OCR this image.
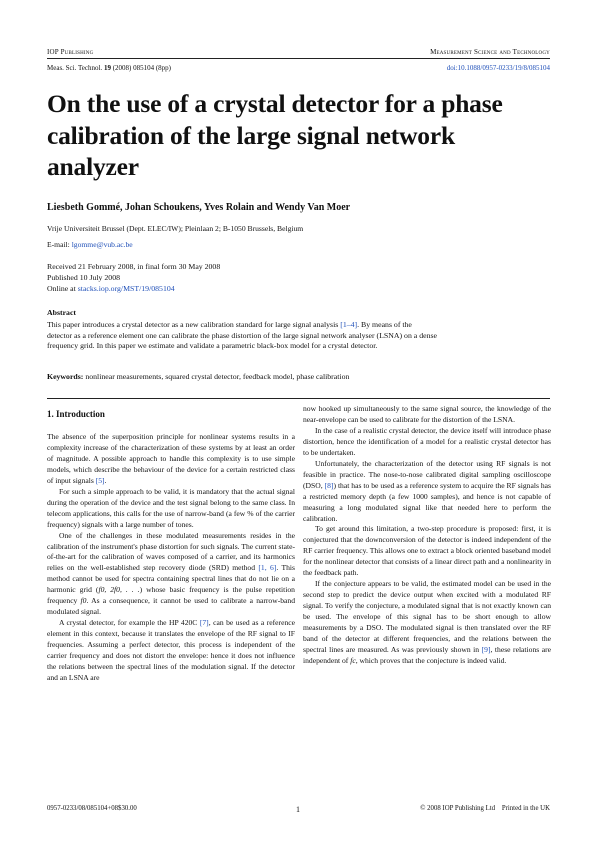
IOP Publishing	Measurement Science and Technology
Meas. Sci. Technol. 19 (2008) 085104 (8pp)	doi:10.1088/0957-0233/19/8/085104
On the use of a crystal detector for a phase calibration of the large signal network analyzer
Liesbeth Gommé, Johan Schoukens, Yves Rolain and Wendy Van Moer
Vrije Universiteit Brussel (Dept. ELEC/IW); Pleinlaan 2; B-1050 Brussels, Belgium
E-mail: lgomme@vub.ac.be
Received 21 February 2008, in final form 30 May 2008
Published 10 July 2008
Online at stacks.iop.org/MST/19/085104
Abstract
This paper introduces a crystal detector as a new calibration standard for large signal analysis [1–4]. By means of the detector as a reference element one can calibrate the phase distortion of the large signal network analyser (LSNA) on a dense frequency grid. In this paper we estimate and validate a parametric black-box model for a crystal detector.
Keywords: nonlinear measurements, squared crystal detector, feedback model, phase calibration
1. Introduction

The absence of the superposition principle for nonlinear systems results in a complexity increase of the characterization of these systems by at least an order of magnitude. A possible approach to handle this complexity is to use simple models, which describe the behaviour of the device for a certain restricted class of input signals [5].

For such a simple approach to be valid, it is mandatory that the actual signal during the operation of the device and the test signal belong to the same class. In telecom applications, this calls for the use of narrow-band (a few % of the carrier frequency) signals with a large number of tones.

One of the challenges in these modulated measurements resides in the calibration of the instrument's phase distortion for such signals. The current state-of-the-art for the calibration of waves composed of a carrier, and its harmonics relies on the well-established step recovery diode (SRD) method [1, 6]. This method cannot be used for spectra containing spectral lines that do not lie on a harmonic grid (f0, 2f0, . . .) whose basic frequency is the pulse repetition frequency f0. As a consequence, it cannot be used to calibrate a narrow-band modulated signal.

A crystal detector, for example the HP 420C [7], can be used as a reference element in this context, because it translates the envelope of the RF signal to IF frequencies. Assuming a perfect detector, this process is independent of the carrier frequency and does not distort the envelope: hence it does not influence the relations between the spectral lines of the modulation signal. If the detector and an LSNA are

now hooked up simultaneously to the same signal source, the knowledge of the near-envelope can be used to calibrate for the distortion of the LSNA.

In the case of a realistic crystal detector, the device itself will introduce phase distortion, hence the identification of a model for a realistic crystal detector has to be undertaken.

Unfortunately, the characterization of the detector using RF signals is not feasible in practice. The nose-to-nose calibrated digital sampling oscilloscope (DSO, [8]) that has to be used as a reference system to acquire the RF signals has a restricted memory depth (a few 1000 samples), and hence is not capable of measuring a long modulated signal like that needed here to perform the calibration.

To get around this limitation, a two-step procedure is proposed: first, it is conjectured that the downconversion of the detector is indeed independent of the RF carrier frequency. This allows one to extract a block oriented baseband model for the nonlinear detector that consists of a linear direct path and a nonlinearity in the feedback path.

If the conjecture appears to be valid, the estimated model can be used in the second step to predict the device output when excited with a modulated RF signal. To verify the conjecture, a modulated signal that is not exactly known can be used. The envelope of this signal has to be short enough to allow measurements by a DSO. The modulated signal is then translated over the RF band of the detector at different frequencies, and the relations between the spectral lines are measured. As was previously shown in [9], these relations are independent of fc, which proves that the conjecture is indeed valid.

0957-0233/08/085104+08$30.00	1	© 2008 IOP Publishing Ltd    Printed in the UK
